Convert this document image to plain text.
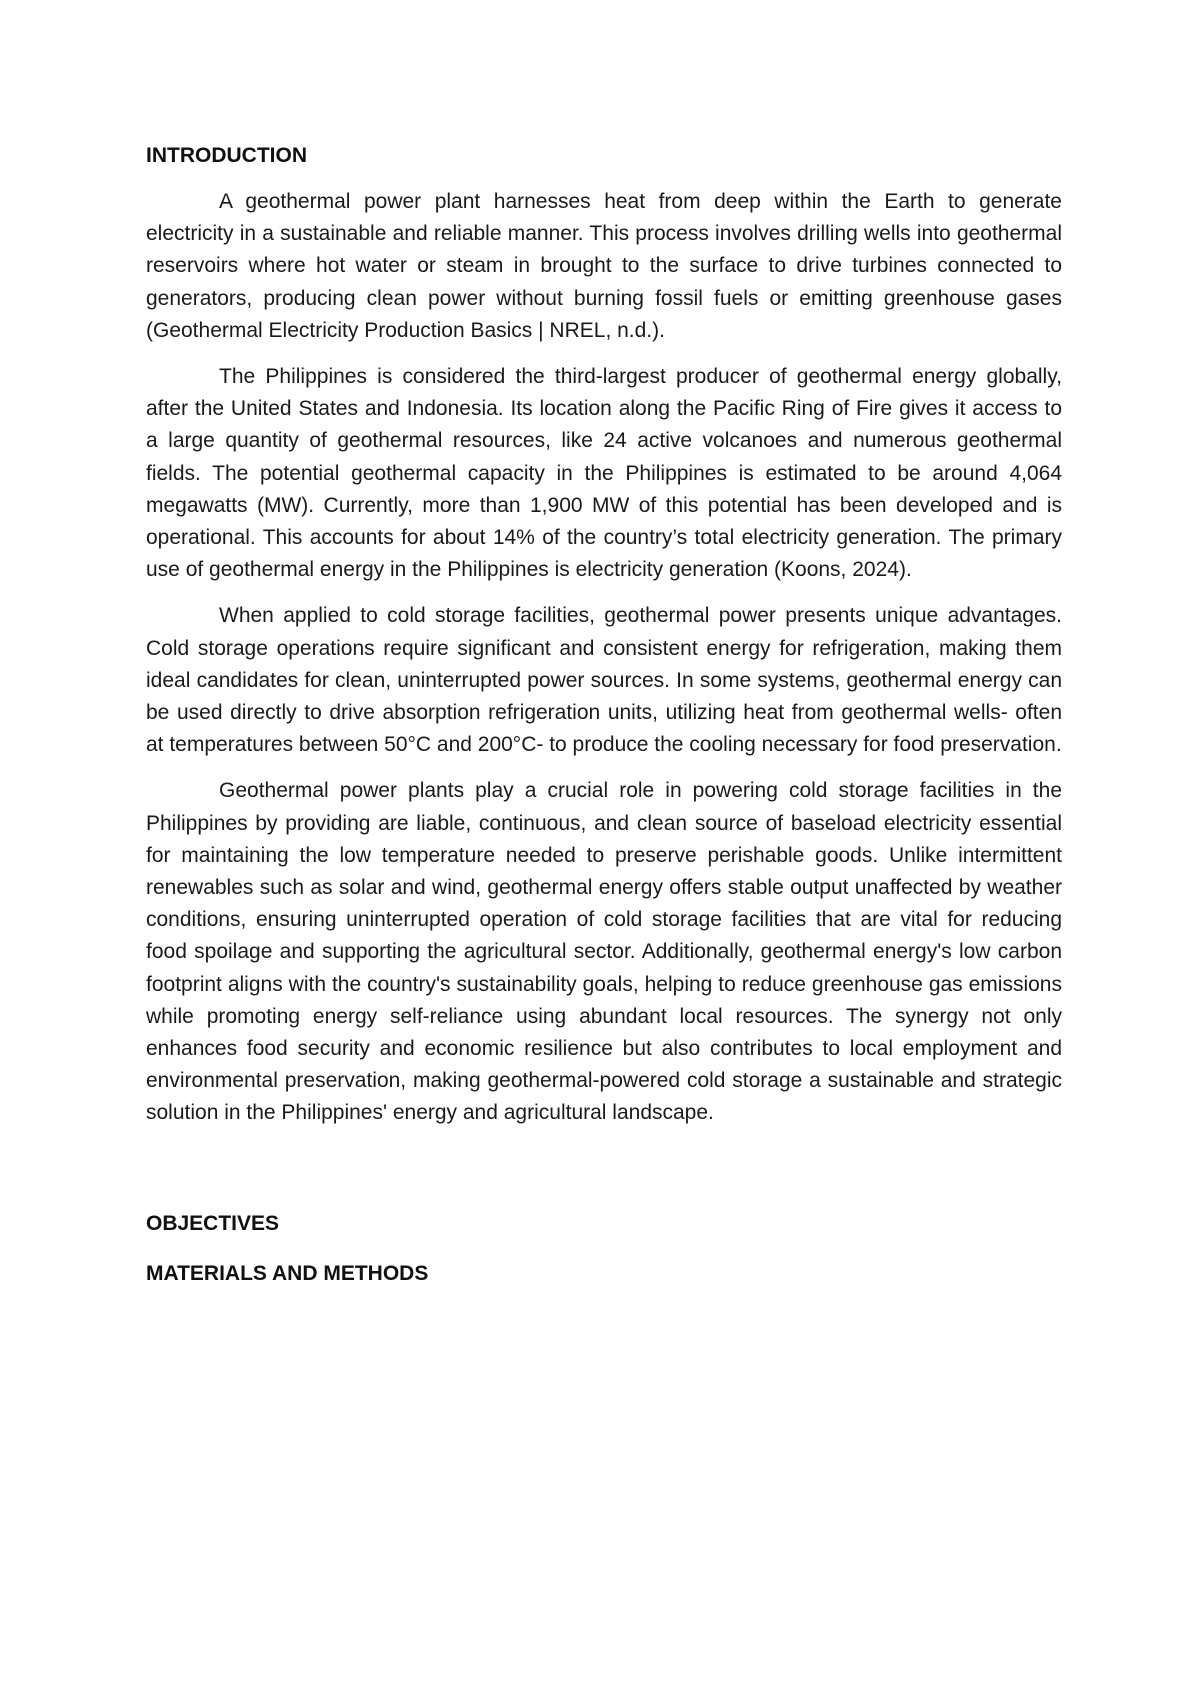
INTRODUCTION

A geothermal power plant harnesses heat from deep within the Earth to generate electricity in a sustainable and reliable manner. This process involves drilling wells into geothermal reservoirs where hot water or steam in brought to the surface to drive turbines connected to generators, producing clean power without burning fossil fuels or emitting greenhouse gases (Geothermal Electricity Production Basics | NREL, n.d.).

The Philippines is considered the third-largest producer of geothermal energy globally, after the United States and Indonesia. Its location along the Pacific Ring of Fire gives it access to a large quantity of geothermal resources, like 24 active volcanoes and numerous geothermal fields. The potential geothermal capacity in the Philippines is estimated to be around 4,064 megawatts (MW). Currently, more than 1,900 MW of this potential has been developed and is operational. This accounts for about 14% of the country’s total electricity generation. The primary use of geothermal energy in the Philippines is electricity generation (Koons, 2024).

When applied to cold storage facilities, geothermal power presents unique advantages. Cold storage operations require significant and consistent energy for refrigeration, making them ideal candidates for clean, uninterrupted power sources. In some systems, geothermal energy can be used directly to drive absorption refrigeration units, utilizing heat from geothermal wells- often at temperatures between 50°C and 200°C- to produce the cooling necessary for food preservation.

Geothermal power plants play a crucial role in powering cold storage facilities in the Philippines by providing are liable, continuous, and clean source of baseload electricity essential for maintaining the low temperature needed to preserve perishable goods. Unlike intermittent renewables such as solar and wind, geothermal energy offers stable output unaffected by weather conditions, ensuring uninterrupted operation of cold storage facilities that are vital for reducing food spoilage and supporting the agricultural sector. Additionally, geothermal energy's low carbon footprint aligns with the country's sustainability goals, helping to reduce greenhouse gas emissions while promoting energy self-reliance using abundant local resources. The synergy not only enhances food security and economic resilience but also contributes to local employment and environmental preservation, making geothermal-powered cold storage a sustainable and strategic solution in the Philippines' energy and agricultural landscape.

OBJECTIVES
MATERIALS AND METHODS
